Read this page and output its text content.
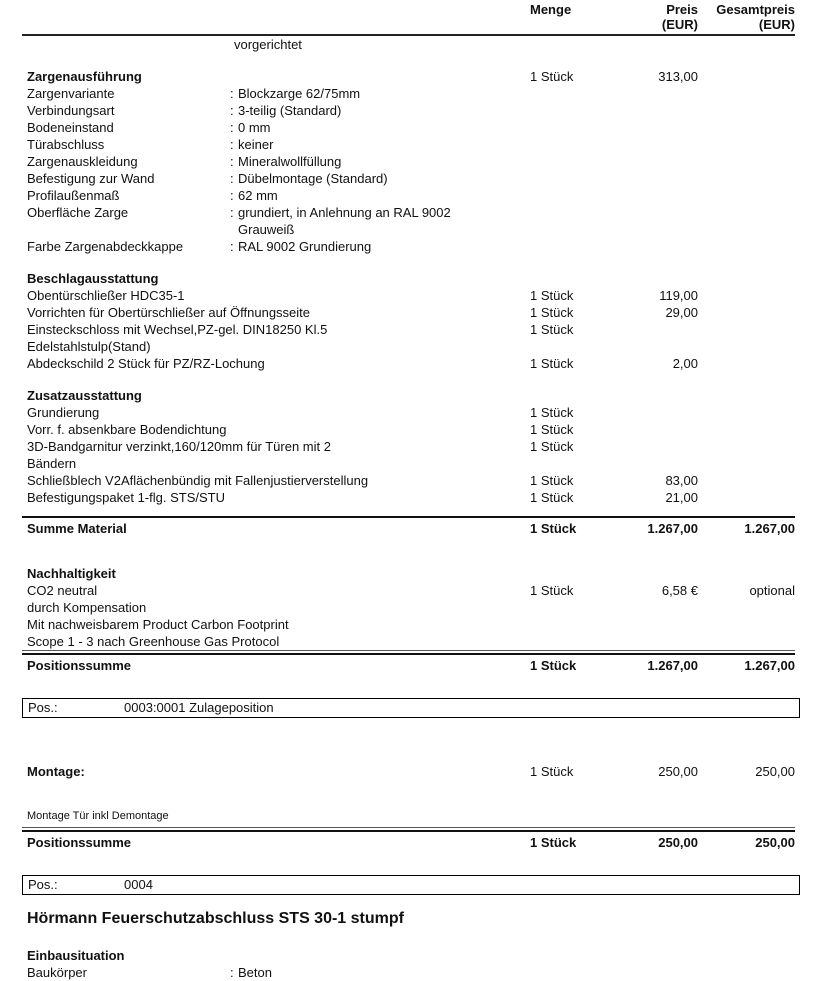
Menge	Preis
(EUR)
Gesamtpreis
(EUR)
vorgerichtet
Zargenausführung	1 Stück	313,00
Zargenvariante	: Blockzarge 62/75mm
Verbindungsart	: 3-teilig (Standard)
Bodeneinstand	: 0 mm
Türabschluss	: keiner
Zargenauskleidung	: Mineralwollfüllung
Befestigung zur Wand	: Dübelmontage (Standard)
Profilaußenmaß	: 62 mm
Oberfläche Zarge	: grundiert, in Anlehnung an RAL 9002
Grauweiß
Farbe Zargenabdeckkappe	: RAL 9002 Grundierung
Beschlagausstattung
Obentürschließer HDC35-1	1 Stück	119,00
Vorrichten für Obertürschließer auf Öffnungsseite	1 Stück	29,00
Einsteckschloss mit Wechsel,PZ-gel. DIN18250 Kl.5	1 Stück
Edelstahlstulp(Stand)
Abdeckschild 2 Stück für PZ/RZ-Lochung	1 Stück	2,00
Zusatzausstattung
Grundierung	1 Stück
Vorr. f. absenkbare Bodendichtung	1 Stück
3D-Bandgarnitur verzinkt,160/120mm für Türen mit 2	1 Stück
Bändern
Schließblech V2Aflächenbündig mit Fallenjustierverstellung	1 Stück	83,00
Befestigungspaket 1-flg. STS/STU	1 Stück	21,00
Summe Material	1 Stück	1.267,00	1.267,00
Nachhaltigkeit
CO2 neutral	1 Stück	6,58 €	optional
durch Kompensation
Mit nachweisbarem Product Carbon Footprint
Scope 1 - 3 nach Greenhouse Gas Protocol
Positionssumme	1 Stück	1.267,00	1.267,00
Pos.:	0003:0001 Zulageposition
Montage:	1 Stück	250,00	250,00
Montage Tür inkl Demontage
Positionssumme	1 Stück	250,00	250,00
Pos.:	0004
Hörmann Feuerschutzabschluss STS 30-1 stumpf
Einbausituation
Baukörper	: Beton
